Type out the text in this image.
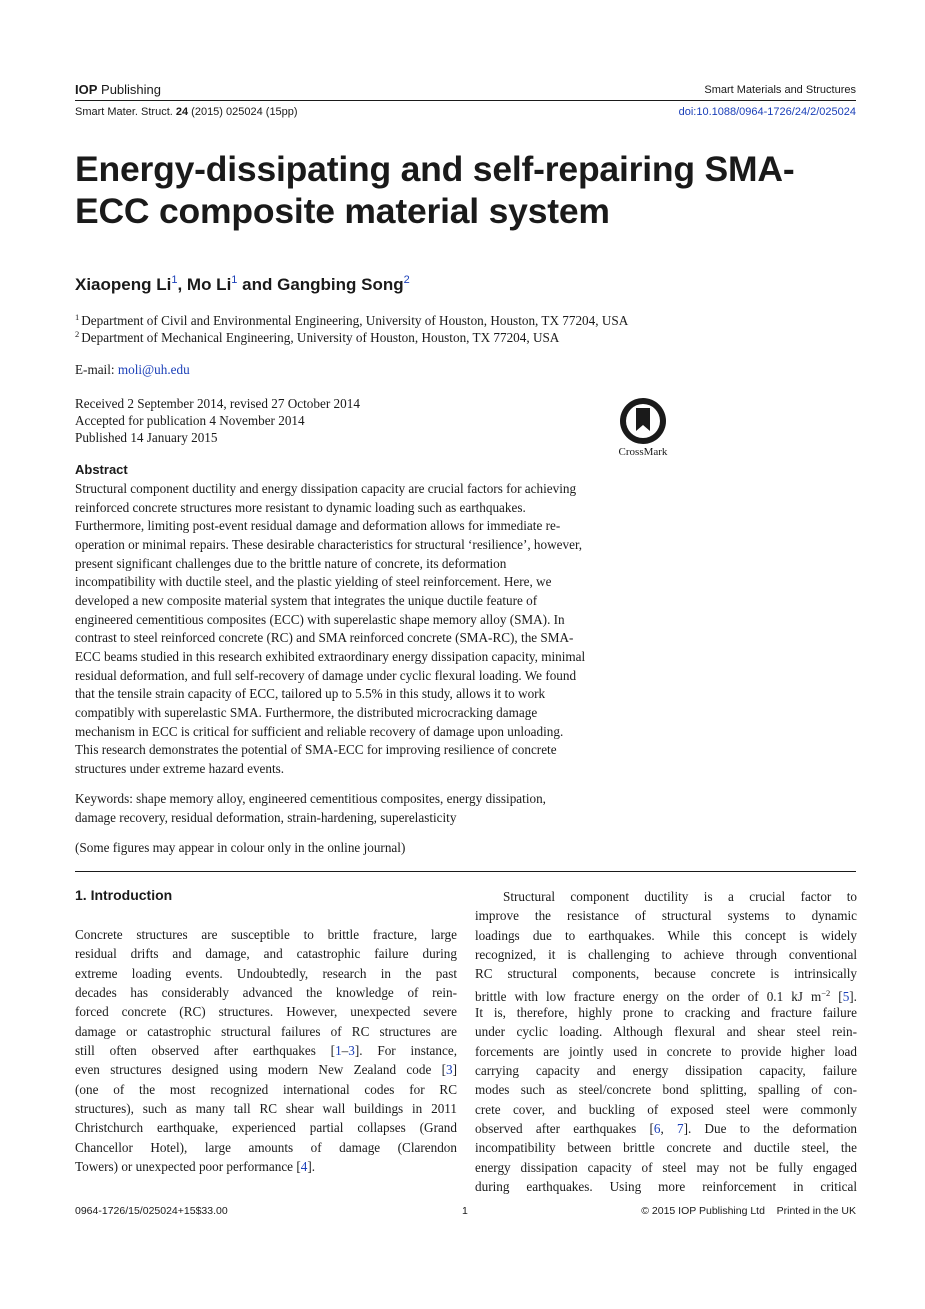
IOP Publishing	Smart Materials and Structures
Smart Mater. Struct. 24 (2015) 025024 (15pp)	doi:10.1088/0964-1726/24/2/025024
Energy-dissipating and self-repairing SMA-
ECC composite material system
Xiaopeng Li$^1$, Mo Li$^1$ and Gangbing Song$^2$
$^1$ Department of Civil and Environmental Engineering, University of Houston, Houston, TX 77204, USA
$^2$ Department of Mechanical Engineering, University of Houston, Houston, TX 77204, USA
E-mail: moli@uh.edu
Received 2 September 2014, revised 27 October 2014
Accepted for publication 4 November 2014
Published 14 January 2015
CrossMark
Abstract
Structural component ductility and energy dissipation capacity are crucial factors for achieving
reinforced concrete structures more resistant to dynamic loading such as earthquakes.
Furthermore, limiting post-event residual damage and deformation allows for immediate re-
operation or minimal repairs. These desirable characteristics for structural ‘resilience’, however,
present significant challenges due to the brittle nature of concrete, its deformation
incompatibility with ductile steel, and the plastic yielding of steel reinforcement. Here, we
developed a new composite material system that integrates the unique ductile feature of
engineered cementitious composites (ECC) with superelastic shape memory alloy (SMA). In
contrast to steel reinforced concrete (RC) and SMA reinforced concrete (SMA-RC), the SMA-
ECC beams studied in this research exhibited extraordinary energy dissipation capacity, minimal
residual deformation, and full self-recovery of damage under cyclic flexural loading. We found
that the tensile strain capacity of ECC, tailored up to 5.5% in this study, allows it to work
compatibly with superelastic SMA. Furthermore, the distributed microcracking damage
mechanism in ECC is critical for sufficient and reliable recovery of damage upon unloading.
This research demonstrates the potential of SMA-ECC for improving resilience of concrete
structures under extreme hazard events.
Keywords: shape memory alloy, engineered cementitious composites, energy dissipation,
damage recovery, residual deformation, strain-hardening, superelasticity
(Some figures may appear in colour only in the online journal)
1. Introduction
Concrete structures are susceptible to brittle fracture, large
residual drifts and damage, and catastrophic failure during
extreme loading events. Undoubtedly, research in the past
decades has considerably advanced the knowledge of rein-
forced concrete (RC) structures. However, unexpected severe
damage or catastrophic structural failures of RC structures are
still often observed after earthquakes [1–3]. For instance,
even structures designed using modern New Zealand code [3]
(one of the most recognized international codes for RC
structures), such as many tall RC shear wall buildings in 2011
Christchurch earthquake, experienced partial collapses (Grand
Chancellor Hotel), large amounts of damage (Clarendon
Towers) or unexpected poor performance [4].
Structural component ductility is a crucial factor to
improve the resistance of structural systems to dynamic
loadings due to earthquakes. While this concept is widely
recognized, it is challenging to achieve through conventional
RC structural components, because concrete is intrinsically
brittle with low fracture energy on the order of 0.1 kJ $m^{-2}$ [5].
It is, therefore, highly prone to cracking and fracture failure
under cyclic loading. Although flexural and shear steel rein-
forcements are jointly used in concrete to provide higher load
carrying capacity and energy dissipation capacity, failure
modes such as steel/concrete bond splitting, spalling of con-
crete cover, and buckling of exposed steel were commonly
observed after earthquakes [6, 7]. Due to the deformation
incompatibility between brittle concrete and ductile steel, the
energy dissipation capacity of steel may not be fully engaged
during earthquakes. Using more reinforcement in critical
0964-1726/15/025024+15$33.00	1	© 2015 IOP Publishing Ltd    Printed in the UK
